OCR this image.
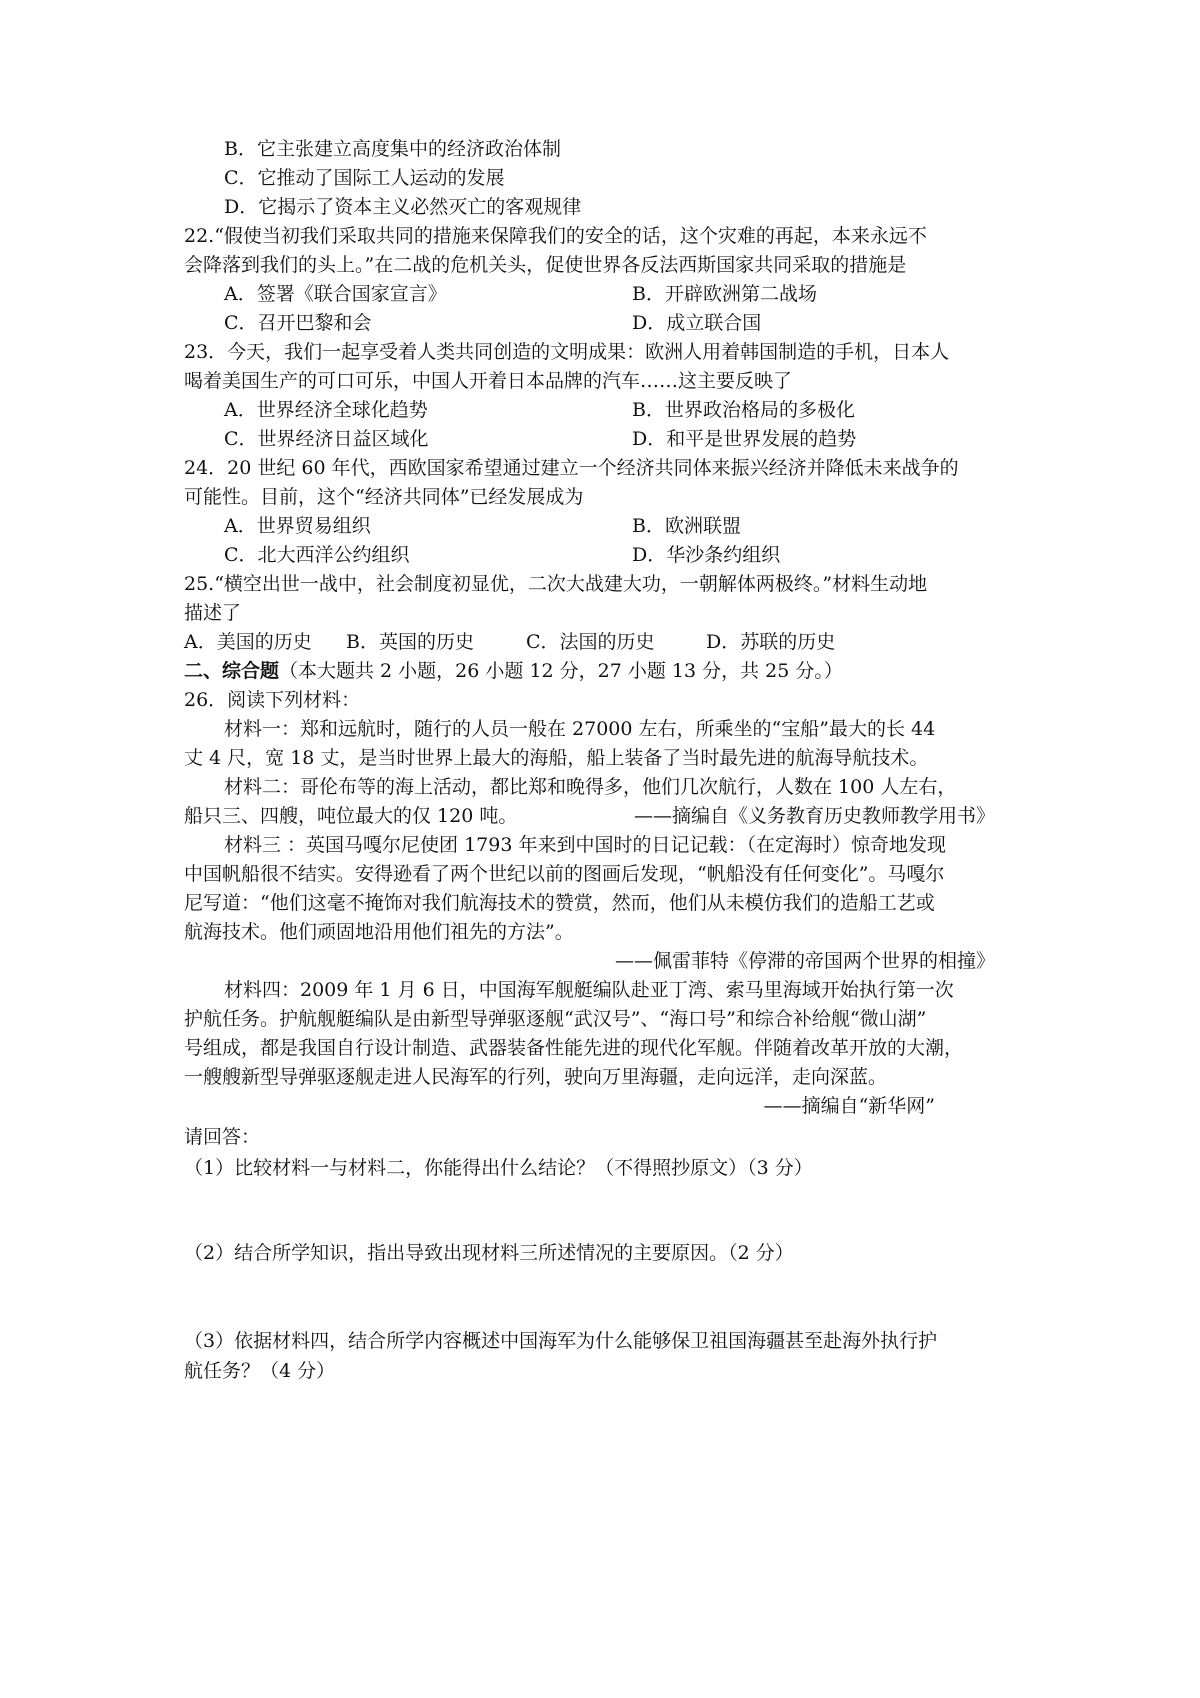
B．它主张建立高度集中的经济政治体制
C．它推动了国际工人运动的发展
D．它揭示了资本主义必然灭亡的客观规律
22.“假使当初我们采取共同的措施来保障我们的安全的话，这个灾难的再起，本来永远不
会降落到我们的头上。”在二战的危机关头，促使世界各反法西斯国家共同采取的措施是
A．签署《联合国家宣言》	B．开辟欧洲第二战场
C．召开巴黎和会	D．成立联合国
23．今天，我们一起享受着人类共同创造的文明成果：欧洲人用着韩国制造的手机，日本人
喝着美国生产的可口可乐，中国人开着日本品牌的汽车……这主要反映了
A．世界经济全球化趋势	B．世界政治格局的多极化
C．世界经济日益区域化	D．和平是世界发展的趋势
24．20 世纪 60 年代，西欧国家希望通过建立一个经济共同体来振兴经济并降低未来战争的
可能性。目前，这个“经济共同体”已经发展成为
A．世界贸易组织	B．欧洲联盟
C．北大西洋公约组织	D．华沙条约组织
25.“横空出世一战中，社会制度初显优，二次大战建大功，一朝解体两极终。”材料生动地
描述了
A．美国的历史 B．英国的历史	C．法国的历史	D．苏联的历史
二、综合题（本大题共 2 小题，26 小题 12 分，27 小题 13 分，共 25 分。）
26．阅读下列材料：
材料一：郑和远航时，随行的人员一般在 27000 左右，所乘坐的“宝船”最大的长 44
丈 4 尺，宽 18 丈，是当时世界上最大的海船，船上装备了当时最先进的航海导航技术。
材料二：哥伦布等的海上活动，都比郑和晚得多，他们几次航行，人数在 100 人左右，
船只三、四艘，吨位最大的仅 120 吨。	——摘编自《义务教育历史教师教学用书》
材料三 ：英国马嘎尔尼使团 1793 年来到中国时的日记记载：（在定海时）惊奇地发现
中国帆船很不结实。安得逊看了两个世纪以前的图画后发现，“帆船没有任何变化”。马嘎尔
尼写道：“他们这毫不掩饰对我们航海技术的赞赏，然而，他们从未模仿我们的造船工艺或
航海技术。他们顽固地沿用他们祖先的方法”。
——佩雷菲特《停滞的帝国两个世界的相撞》
材料四：2009 年 1 月 6 日，中国海军舰艇编队赴亚丁湾、索马里海域开始执行第一次
护航任务。护航舰艇编队是由新型导弹驱逐舰“武汉号”、“海口号”和综合补给舰“微山湖”
号组成，都是我国自行设计制造、武器装备性能先进的现代化军舰。伴随着改革开放的大潮，
一艘艘新型导弹驱逐舰走进人民海军的行列，驶向万里海疆，走向远洋，走向深蓝。
——摘编自“新华网”
请回答：
（1）比较材料一与材料二，你能得出什么结论？（不得照抄原文）（3 分）
（2）结合所学知识，指出导致出现材料三所述情况的主要原因。（2 分）
（3）依据材料四，结合所学内容概述中国海军为什么能够保卫祖国海疆甚至赴海外执行护
航任务？（4 分）
